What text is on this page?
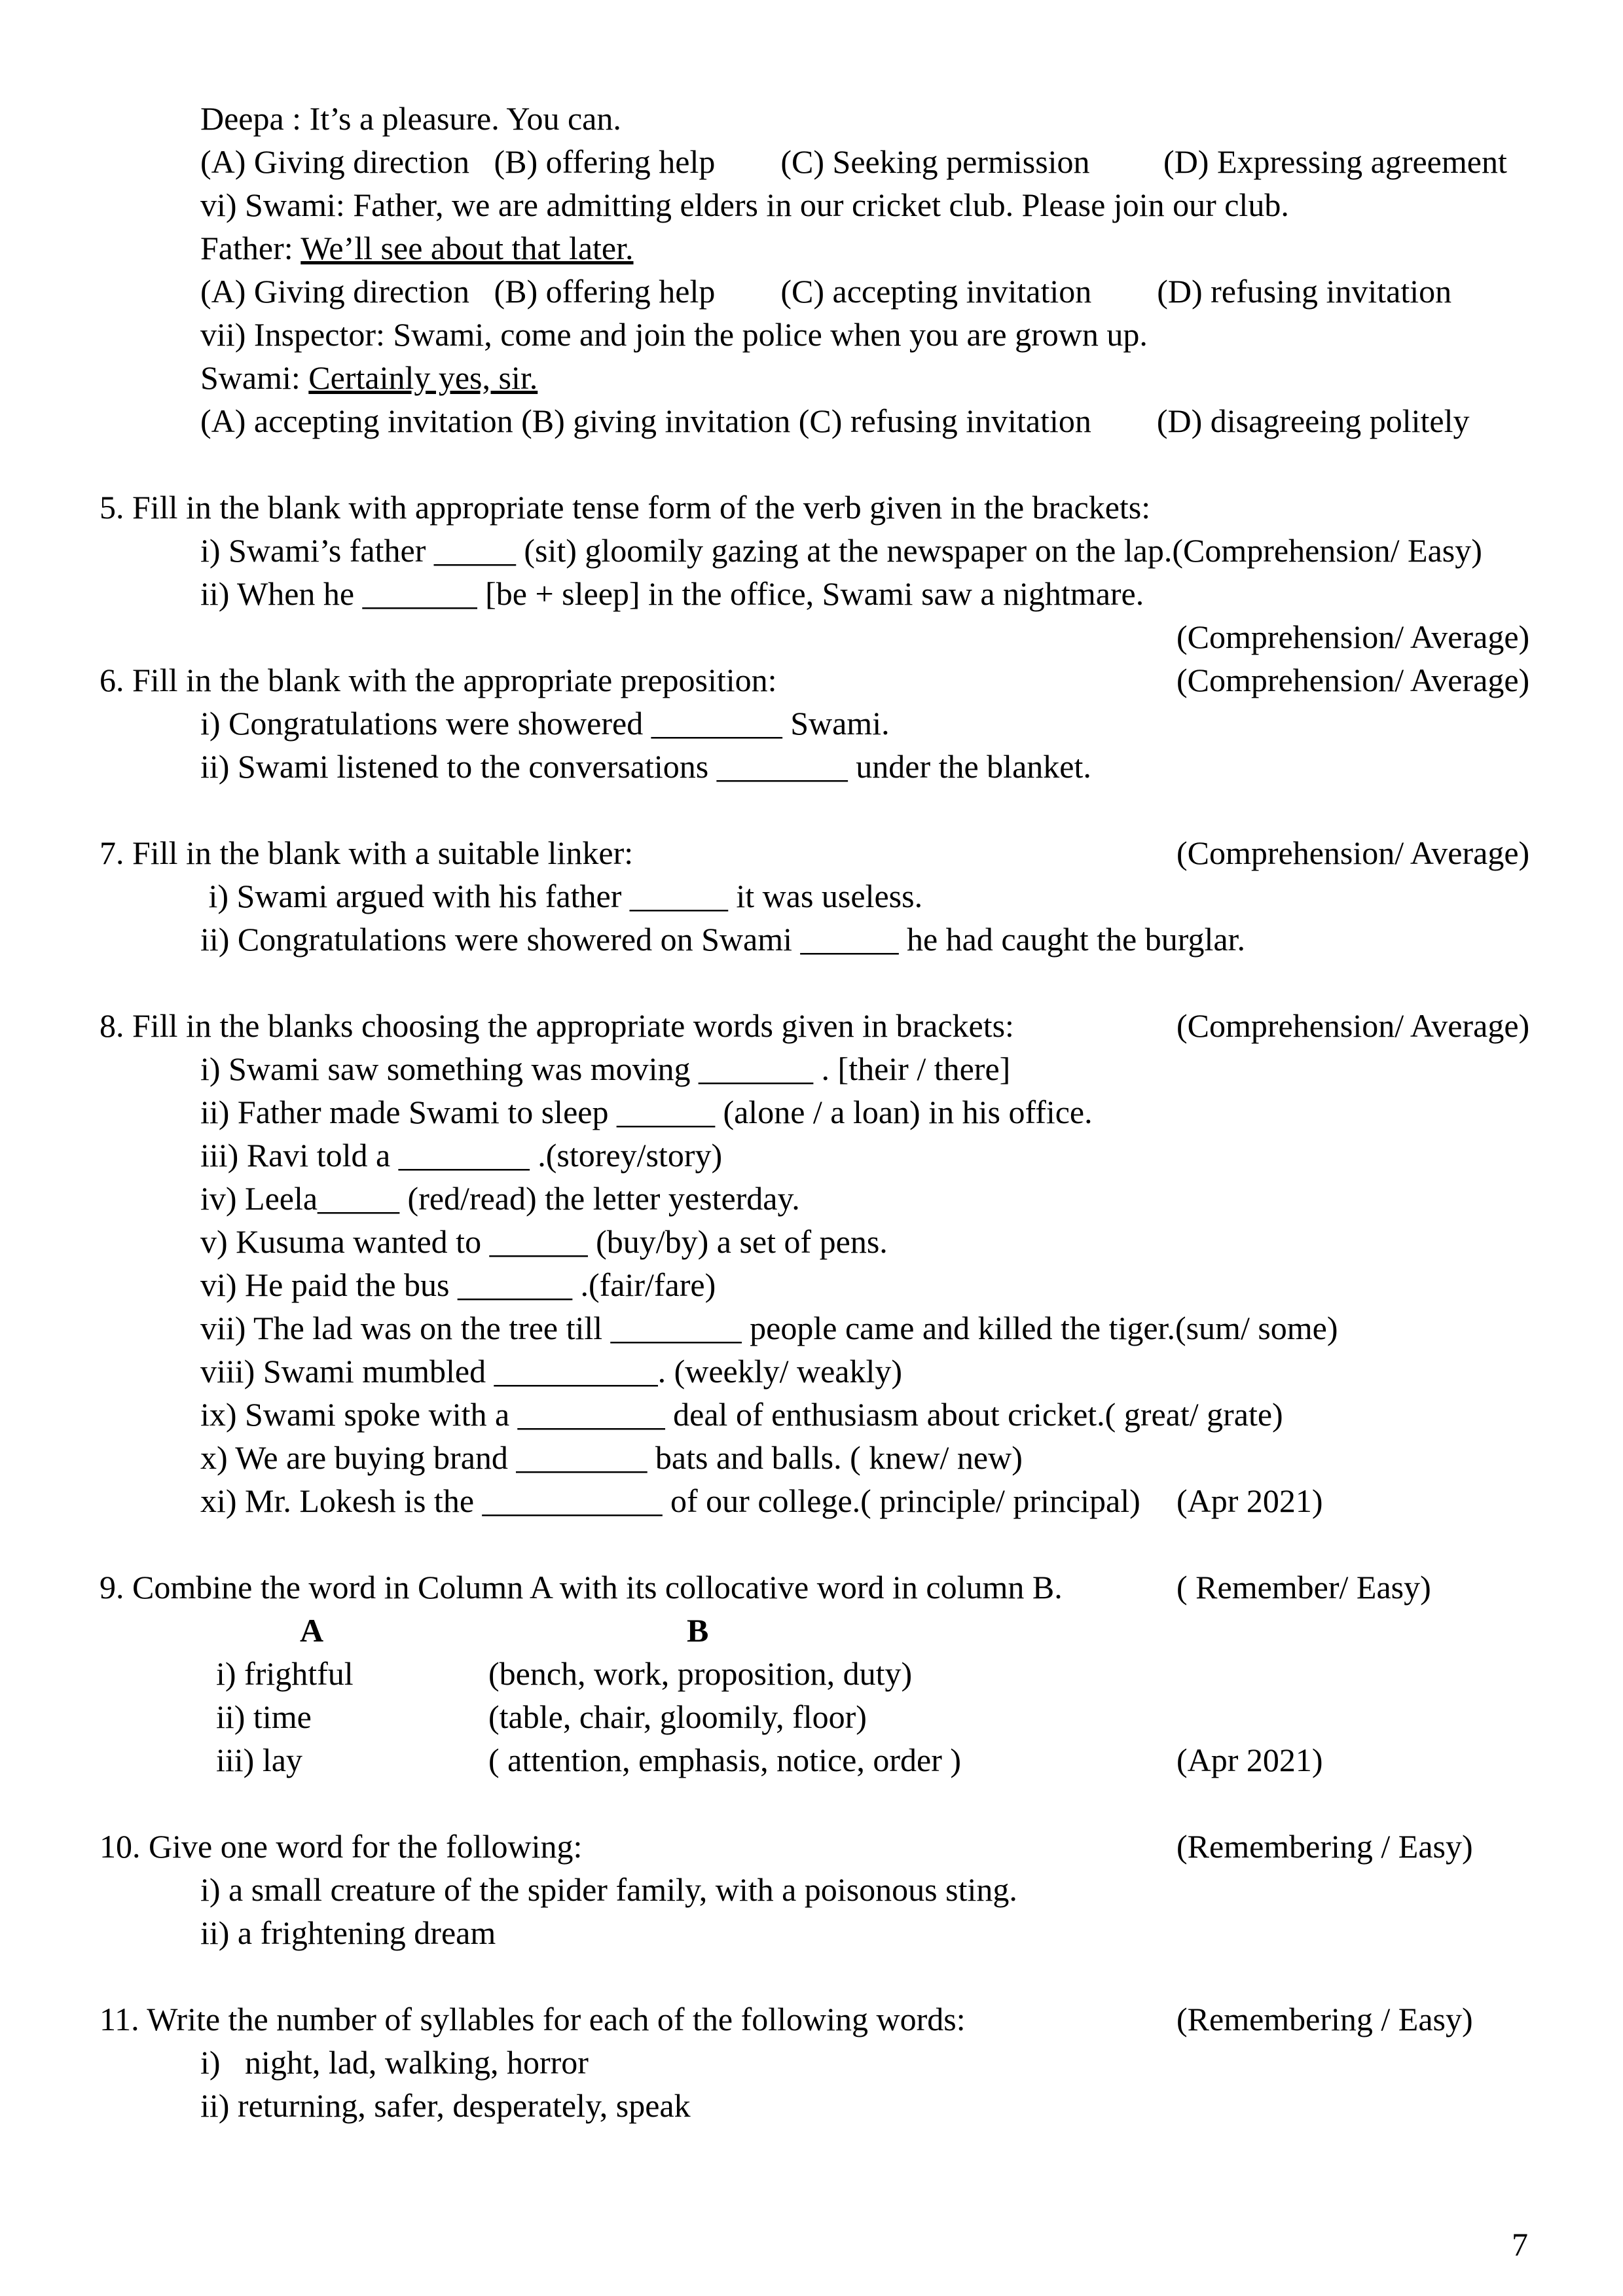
Deepa : It’s a pleasure. You can.
(A) Giving direction   (B) offering help        (C) Seeking permission         (D) Expressing agreement
vi) Swami: Father, we are admitting elders in our cricket club. Please join our club.
Father: We’ll see about that later.
(A) Giving direction   (B) offering help        (C) accepting invitation        (D) refusing invitation
vii) Inspector: Swami, come and join the police when you are grown up.
Swami: Certainly yes, sir.
(A) accepting invitation (B) giving invitation (C) refusing invitation        (D) disagreeing politely
5. Fill in the blank with appropriate tense form of the verb given in the brackets:
i) Swami’s father _____ (sit) gloomily gazing at the newspaper on the lap.(Comprehension/ Easy)
ii) When he _______ [be + sleep] in the office, Swami saw a nightmare.
(Comprehension/ Average)
6. Fill in the blank with the appropriate preposition:	(Comprehension/ Average)
i) Congratulations were showered ________ Swami.
ii) Swami listened to the conversations ________ under the blanket.
7. Fill in the blank with a suitable linker:	(Comprehension/ Average)
i) Swami argued with his father ______ it was useless.
ii) Congratulations were showered on Swami ______ he had caught the burglar.
8. Fill in the blanks choosing the appropriate words given in brackets:	(Comprehension/ Average)
i) Swami saw something was moving _______ . [their / there]
ii) Father made Swami to sleep ______ (alone / a loan) in his office.
iii) Ravi told a ________ .(storey/story)
iv) Leela_____ (red/read) the letter yesterday.
v) Kusuma wanted to ______ (buy/by) a set of pens.
vi) He paid the bus _______ .(fair/fare)
vii) The lad was on the tree till ________ people came and killed the tiger.(sum/ some)
viii) Swami mumbled __________. (weekly/ weakly)
ix) Swami spoke with a _________ deal of enthusiasm about cricket.( great/ grate)
x) We are buying brand ________ bats and balls. ( knew/ new)
xi) Mr. Lokesh is the ___________ of our college.( principle/ principal) (Apr 2021)
9. Combine the word in Column A with its collocative word in column B.	( Remember/ Easy)
A	B
i) frightful	(bench, work, proposition, duty)
ii) time	(table, chair, gloomily, floor)
iii) lay	( attention, emphasis, notice, order )	(Apr 2021)
10. Give one word for the following:	(Remembering / Easy)
i) a small creature of the spider family, with a poisonous sting.
ii) a frightening dream
11. Write the number of syllables for each of the following words:	(Remembering / Easy)
i)   night, lad, walking, horror
ii) returning, safer, desperately, speak
7
